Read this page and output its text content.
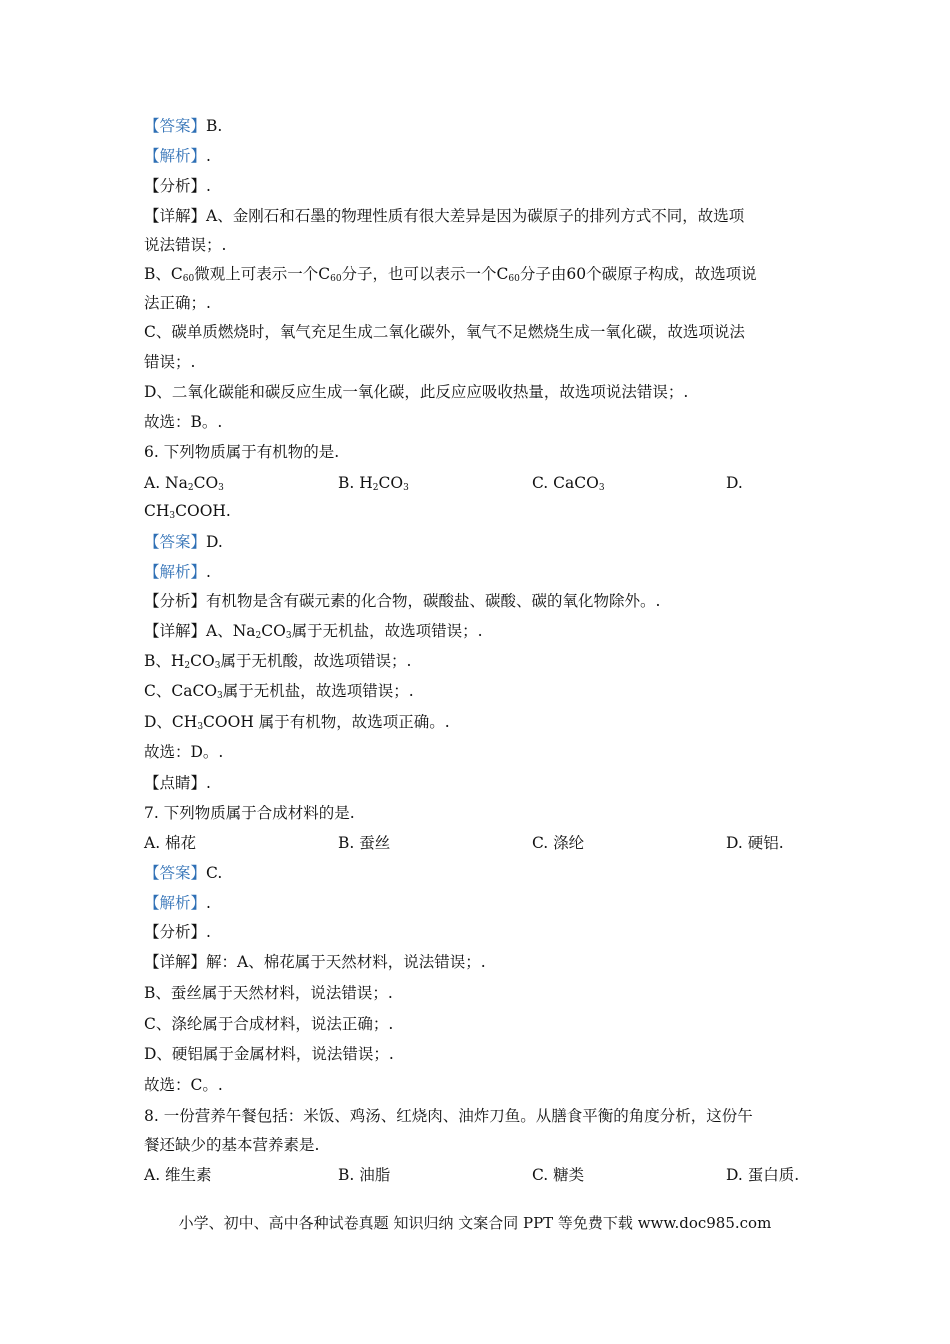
【答案】B.
【解析】.
【分析】.
【详解】A、金刚石和石墨的物理性质有很大差异是因为碳原子的排列方式不同，故选项
说法错误；.
B、$C_{60}$微观上可表示一个$C_{60}$分子，也可以表示一个$C_{60}$分子由60个碳原子构成，故选项说
法正确；.
C、碳单质燃烧时，氧气充足生成二氧化碳外，氧气不足燃烧生成一氧化碳，故选项说法
错误；.
D、二氧化碳能和碳反应生成一氧化碳，此反应应吸收热量，故选项说法错误；.
故选：B。.
6. 下列物质属于有机物的是.
A. $Na_2CO_3$	B. $H_2CO_3$	C. CaCO$_3$	D.
$CH_3COOH$.
【答案】D.
【解析】.
【分析】有机物是含有碳元素的化合物，碳酸盐、碳酸、碳的氧化物除外。.
【详解】A、$Na_2CO_3$属于无机盐，故选项错误；.
B、$H_2CO_3$属于无机酸，故选项错误；.
C、CaCO$_3$属于无机盐，故选项错误；.
D、$CH_3COOH$ 属于有机物，故选项正确。.
故选：D。.
【点睛】.
7. 下列物质属于合成材料的是.
A. 棉花	B. 蚕丝	C. 涤纶	D. 硬铝.
【答案】C.
【解析】.
【分析】.
【详解】解：A、棉花属于天然材料，说法错误；.
B、蚕丝属于天然材料，说法错误；.
C、涤纶属于合成材料，说法正确；.
D、硬铝属于金属材料，说法错误；.
故选：C。.
8. 一份营养午餐包括：米饭、鸡汤、红烧肉、油炸刀鱼。从膳食平衡的角度分析，这份午
餐还缺少的基本营养素是.
A. 维生素	B. 油脂	C. 糖类	D. 蛋白质.
小学、初中、高中各种试卷真题 知识归纳 文案合同 PPT 等免费下载 www.doc985.com
